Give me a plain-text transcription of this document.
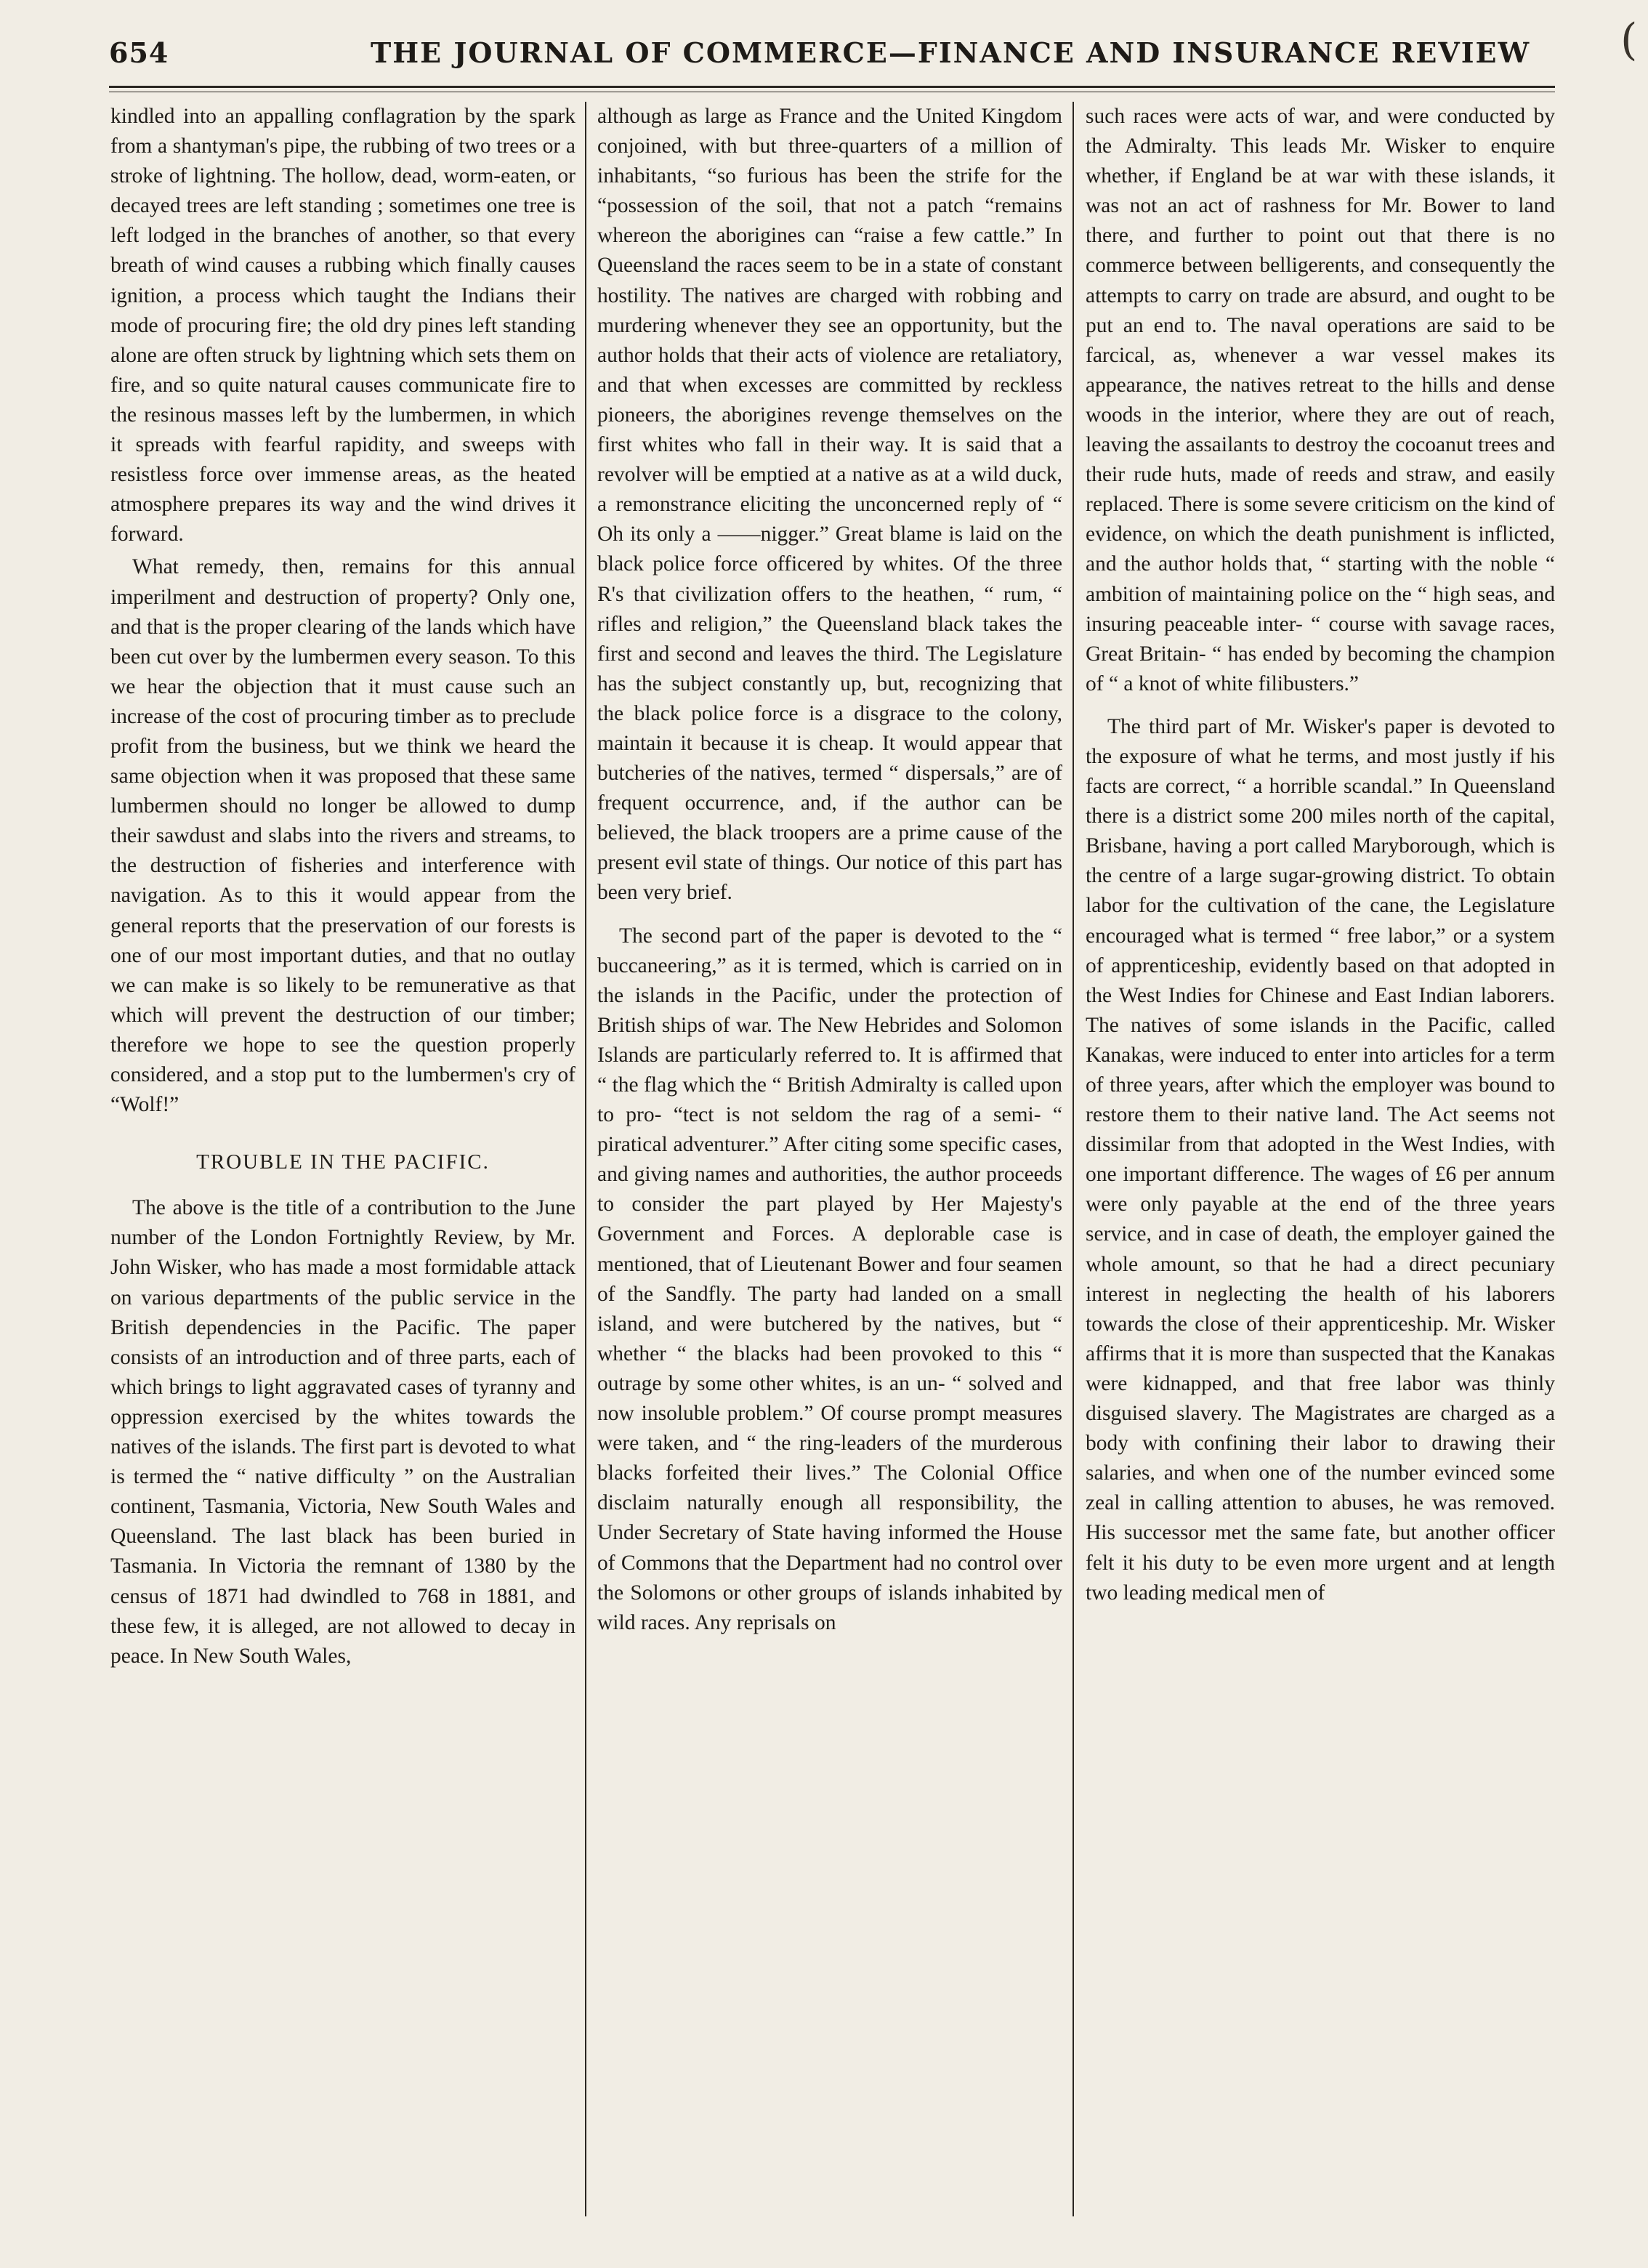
654	THE JOURNAL OF COMMERCE—FINANCE AND INSURANCE REVIEW

kindled into an appalling conflagration by the spark from a shantyman's pipe, the rubbing of two trees or a stroke of lightning. The hollow, dead, worm-eaten, or decayed trees are left standing ; sometimes one tree is left lodged in the branches of another, so that every breath of wind causes a rubbing which finally causes ignition, a process which taught the Indians their mode of procuring fire; the old dry pines left standing alone are often struck by lightning which sets them on fire, and so quite natural causes communicate fire to the resinous masses left by the lumbermen, in which it spreads with fearful rapidity, and sweeps with resistless force over immense areas, as the heated atmosphere prepares its way and the wind drives it forward.

What remedy, then, remains for this annual imperilment and destruction of property? Only one, and that is the proper clearing of the lands which have been cut over by the lumbermen every season. To this we hear the objection that it must cause such an increase of the cost of procuring timber as to preclude profit from the business, but we think we heard the same objection when it was proposed that these same lumbermen should no longer be allowed to dump their sawdust and slabs into the rivers and streams, to the destruction of fisheries and interference with navigation. As to this it would appear from the general reports that the preservation of our forests is one of our most important duties, and that no outlay we can make is so likely to be remunerative as that which will prevent the destruction of our timber; therefore we hope to see the question properly considered, and a stop put to the lumbermen's cry of “Wolf!”

TROUBLE IN THE PACIFIC.

The above is the title of a contribution to the June number of the London Fortnightly Review, by Mr. John Wisker, who has made a most formidable attack on various departments of the public service in the British dependencies in the Pacific. The paper consists of an introduction and of three parts, each of which brings to light aggravated cases of tyranny and oppression exercised by the whites towards the natives of the islands. The first part is devoted to what is termed the “ native difficulty ” on the Australian continent, Tasmania, Victoria, New South Wales and Queensland. The last black has been buried in Tasmania. In Victoria the remnant of 1380 by the census of 1871 had dwindled to 768 in 1881, and these few, it is alleged, are not allowed to decay in peace. In New South Wales,

although as large as France and the United Kingdom conjoined, with but three-quarters of a million of inhabitants, “so furious has been the strife for the “possession of the soil, that not a patch “remains whereon the aborigines can “raise a few cattle.” In Queensland the races seem to be in a state of constant hostility. The natives are charged with robbing and murdering whenever they see an opportunity, but the author holds that their acts of violence are retaliatory, and that when excesses are committed by reckless pioneers, the aborigines revenge themselves on the first whites who fall in their way. It is said that a revolver will be emptied at a native as at a wild duck, a remonstrance eliciting the unconcerned reply of “ Oh its only a ——nigger.” Great blame is laid on the black police force officered by whites. Of the three R's that civilization offers to the heathen, “ rum, “ rifles and religion,” the Queensland black takes the first and second and leaves the third. The Legislature has the subject constantly up, but, recognizing that the black police force is a disgrace to the colony, maintain it because it is cheap. It would appear that butcheries of the natives, termed “ dispersals,” are of frequent occurrence, and, if the author can be believed, the black troopers are a prime cause of the present evil state of things. Our notice of this part has been very brief.

The second part of the paper is devoted to the “ buccaneering,” as it is termed, which is carried on in the islands in the Pacific, under the protection of British ships of war. The New Hebrides and Solomon Islands are particularly referred to. It is affirmed that “ the flag which the “ British Admiralty is called upon to pro- “tect is not seldom the rag of a semi- “ piratical adventurer.” After citing some specific cases, and giving names and authorities, the author proceeds to consider the part played by Her Majesty's Government and Forces. A deplorable case is mentioned, that of Lieutenant Bower and four seamen of the Sandfly. The party had landed on a small island, and were butchered by the natives, but “ whether “ the blacks had been provoked to this “ outrage by some other whites, is an un- “ solved and now insoluble problem.” Of course prompt measures were taken, and “ the ring-leaders of the murderous blacks forfeited their lives.” The Colonial Office disclaim naturally enough all responsibility, the Under Secretary of State having informed the House of Commons that the Department had no control over the Solomons or other groups of islands inhabited by wild races. Any reprisals on

such races were acts of war, and were conducted by the Admiralty. This leads Mr. Wisker to enquire whether, if England be at war with these islands, it was not an act of rashness for Mr. Bower to land there, and further to point out that there is no commerce between belligerents, and consequently the attempts to carry on trade are absurd, and ought to be put an end to. The naval operations are said to be farcical, as, whenever a war vessel makes its appearance, the natives retreat to the hills and dense woods in the interior, where they are out of reach, leaving the assailants to destroy the cocoanut trees and their rude huts, made of reeds and straw, and easily replaced. There is some severe criticism on the kind of evidence, on which the death punishment is inflicted, and the author holds that, “ starting with the noble “ ambition of maintaining police on the “ high seas, and insuring peaceable inter- “ course with savage races, Great Britain- “ has ended by becoming the champion of “ a knot of white filibusters.”

The third part of Mr. Wisker's paper is devoted to the exposure of what he terms, and most justly if his facts are correct, “ a horrible scandal.” In Queensland there is a district some 200 miles north of the capital, Brisbane, having a port called Maryborough, which is the centre of a large sugar-growing district. To obtain labor for the cultivation of the cane, the Legislature encouraged what is termed “ free labor,” or a system of apprenticeship, evidently based on that adopted in the West Indies for Chinese and East Indian laborers. The natives of some islands in the Pacific, called Kanakas, were induced to enter into articles for a term of three years, after which the employer was bound to restore them to their native land. The Act seems not dissimilar from that adopted in the West Indies, with one important difference. The wages of £6 per annum were only payable at the end of the three years service, and in case of death, the employer gained the whole amount, so that he had a direct pecuniary interest in neglecting the health of his laborers towards the close of their apprenticeship. Mr. Wisker affirms that it is more than suspected that the Kanakas were kidnapped, and that free labor was thinly disguised slavery. The Magistrates are charged as a body with confining their labor to drawing their salaries, and when one of the number evinced some zeal in calling attention to abuses, he was removed. His successor met the same fate, but another officer felt it his duty to be even more urgent and at length two leading medical men of

(
